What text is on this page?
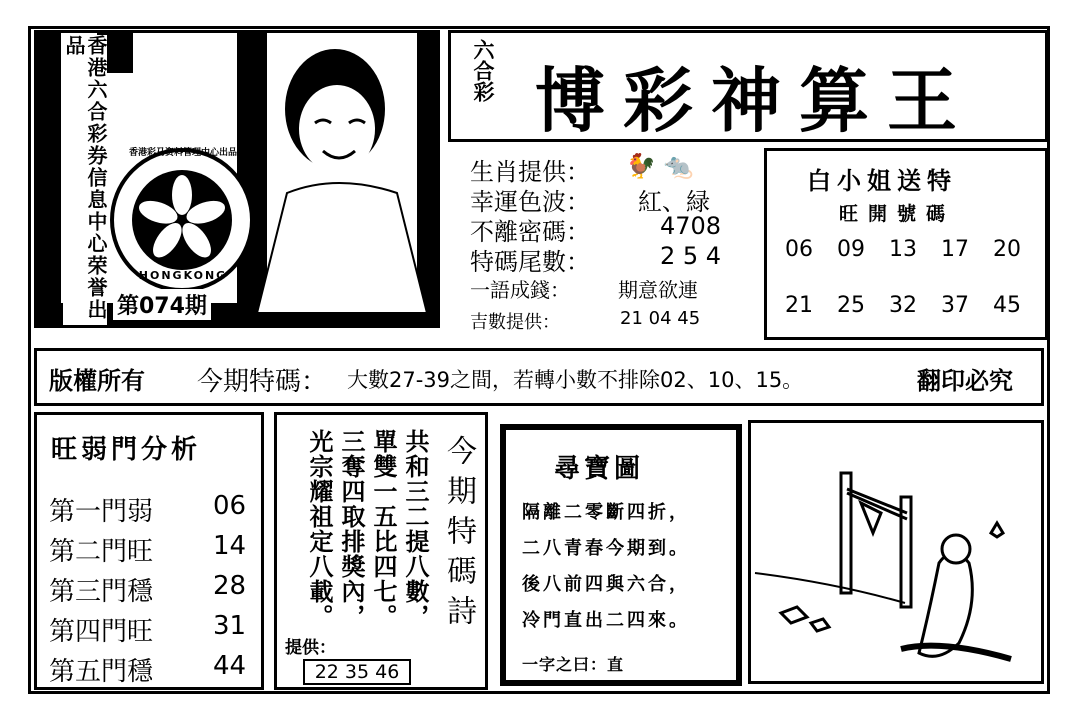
香港彩马资料管理中心出品
HONGKONG
香港六合彩券信息中心荣誉出品
第074期
六合彩 博彩神算王
生肖提供： 🐓 🐀
幸運色波： 紅、緑
不離密碼：	4708
特碼尾數：	2 5 4
一語成錢： 期意欲連
吉數提供：	21 04 45
白小姐送特
旺開號碼
06 09 13 17 20
21 25 32 37 45
版權所有 今期特碼： 大數27-39之間，若轉小數不排除02、10、15。	翻印必究
旺弱門分析
第一門弱 06
第二門旺 14
第三門穩 28
第四門旺 31
第五門穩 44
共和三二提八數，
單雙一五比四七。
三奪四取排獎內，
光宗耀祖定八載。	今期特碼詩
提供：
22 35 46
尋寶圖
隔離二零斷四折，
二八青春今期到。
後八前四與六合，
冷門直出二四來。
一字之曰：直
